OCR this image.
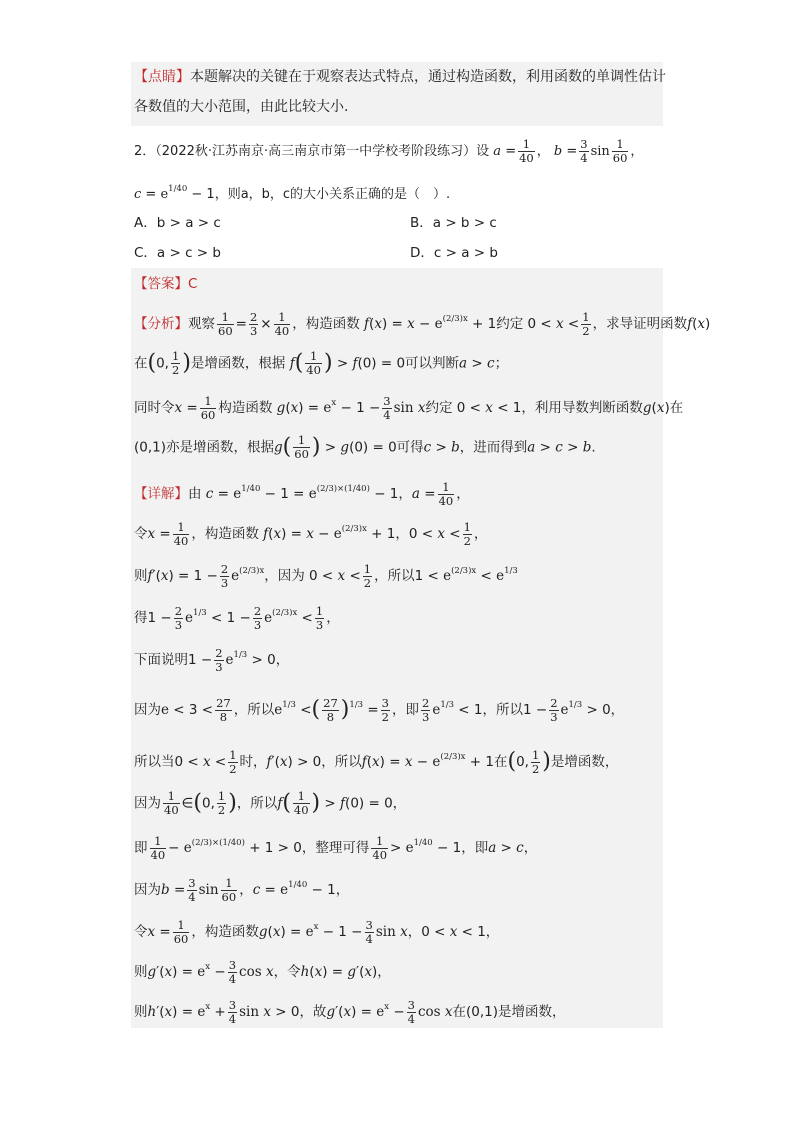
【点睛】本题解决的关键在于观察表达式特点，通过构造函数，利用函数的单调性估计
各数值的大小范围，由此比较大小.
2．（2022秋·江苏南京·高三南京市第一中学校考阶段练习）设 $a = \frac{1}{40}$ ， $b = \frac{3}{4}$ $\sin \frac{1}{60}$ ，
$c = e^{1/40} - 1$，则a，b，c的大小关系正确的是（　）.
A．b > a > c	B．a > b > c
C．a > c > b	D．c > a > b
【答案】C
【分析】观察 $\frac{1}{60} = \frac{2}{3} \times \frac{1}{40}$ ，构造函数 $f(x) = x - e^{(2/3)x} + 1$约定 $0 < x < \frac{1}{2}$ ，求导证明函数f(x)
在(0, $\frac{1}{2}$ )是增函数，根据 $f( \frac{1}{40}$ ) > f(0) = 0可以判断a > c；
同时令$x = \frac{1}{60}$ 构造函数 $g(x) = e^x - 1 - \frac{3}{4}$ sin x约定 0 < x < 1，利用导数判断函数g(x)在
(0,1)亦是增函数，根据$g( \frac{1}{60}$ ) > g(0) = 0可得c > b，进而得到a > c > b.
【详解】由 $c = e^{1/40} - 1 = e^{(2/3)\times(1/40)} - 1$，$a = \frac{1}{40}$ ，
令$x = \frac{1}{40}$ ，构造函数 $f(x) = x - e^{(2/3)x} + 1$，$0 < x < \frac{1}{2}$ ，
则$f'(x) = 1 - \frac{2}{3} e^{(2/3)x}$，因为 $0 < x < \frac{1}{2}$ ，所以$1 < e^{(2/3)x} < e^{1/3}$
得$1 - \frac{2}{3} e^{1/3} < 1 - \frac{2}{3} e^{(2/3)x} < \frac{1}{3}$ ，
下面说明$1 - \frac{2}{3} e^{1/3} > 0$，
因为$e < 3 < \frac{27}{8}$ ，所以$e^{1/3}$ <( $\frac{27}{8} )^{1/3} = \frac{3}{2}$ ，即 $\frac{2}{3} e^{1/3} < 1$，所以$1 - \frac{2}{3} e^{1/3} > 0$，
所以当$0 < x < \frac{1}{2}$ 时，f′(x) > 0，所以$f(x) = x - e^{(2/3)x} + 1$在(0, $\frac{1}{2}$ )是增函数，
因为 $\frac{1}{40}$ ∈(0, $\frac{1}{2}$ )，所以$f( \frac{1}{40}$ ) > f(0) = 0，
即 $\frac{1}{40} - e^{(2/3)\times(1/40)} + 1 > 0$，整理可得 $\frac{1}{40} > e^{1/40} - 1$，即a > c，
因为$b = \frac{3}{4}$ $\sin \frac{1}{60}$ ，$c = e^{1/40} - 1$，
令$x = \frac{1}{60}$ ，构造函数$g(x) = e^x - 1 - \frac{3}{4}$ sin x，0 < x < 1，
则$g'(x) = e^x - \frac{3}{4}$ cos x，令h(x) = g′(x)，
则$h'(x) = e^x + \frac{3}{4}$ sin x > 0，故$g'(x) = e^x - \frac{3}{4}$ cos x在(0,1)是增函数，
